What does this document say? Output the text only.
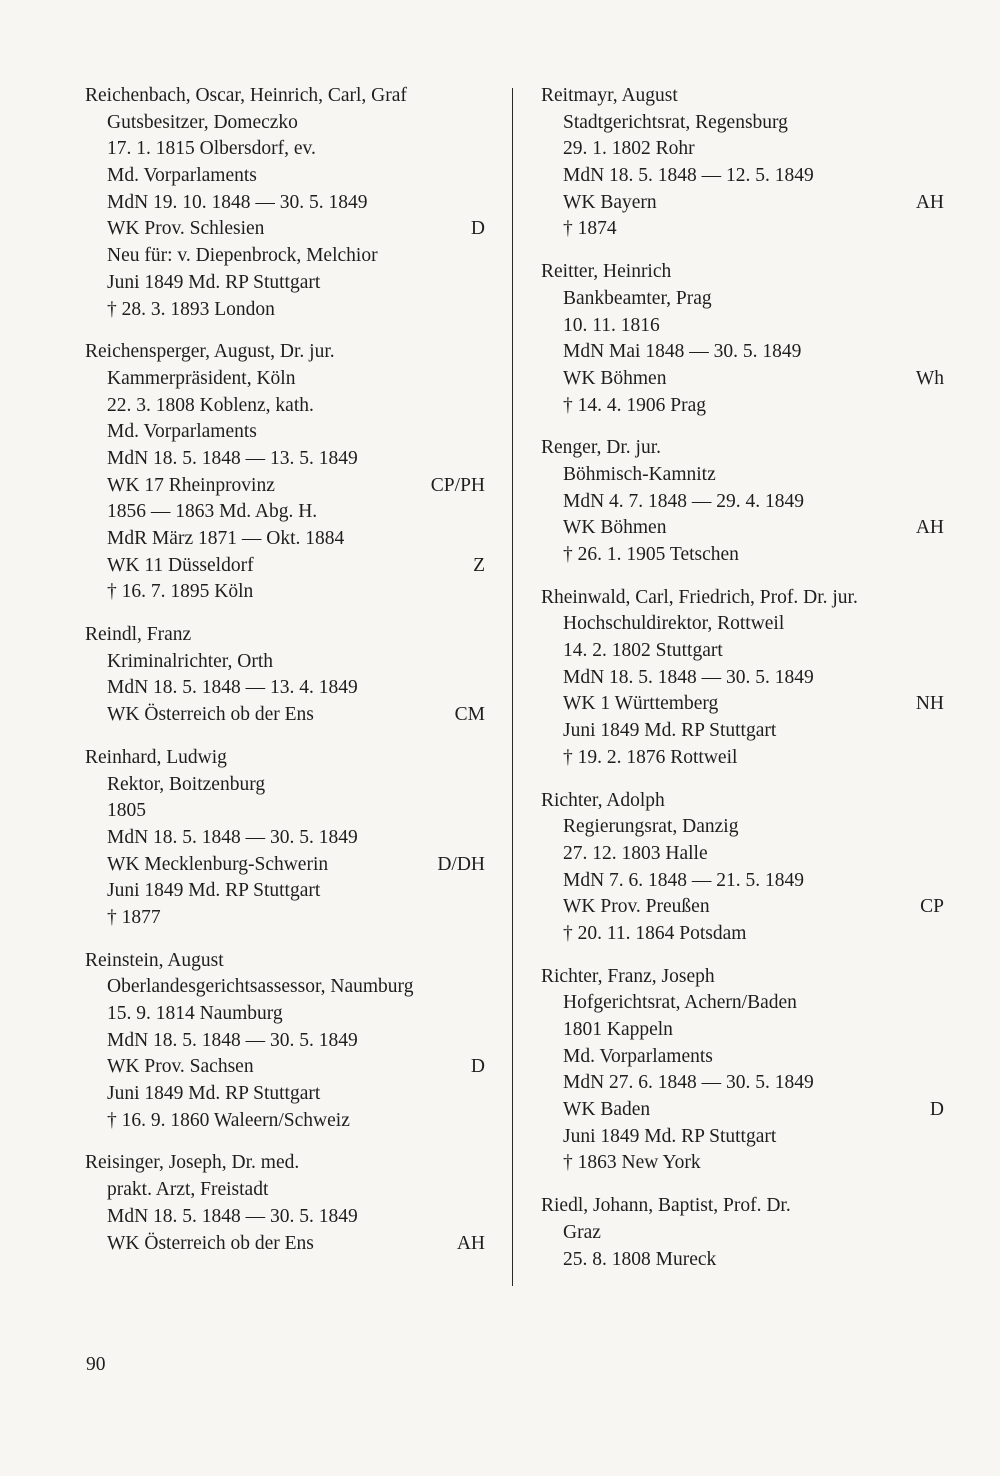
Reichenbach, Oscar, Heinrich, Carl, Graf
Gutsbesitzer, Domeczko
17. 1. 1815 Olbersdorf, ev.
Md. Vorparlaments
MdN 19. 10. 1848 — 30. 5. 1849
WK Prov. Schlesien	D
Neu für: v. Diepenbrock, Melchior
Juni 1849 Md. RP Stuttgart
† 28. 3. 1893 London
Reichensperger, August, Dr. jur.
Kammerpräsident, Köln
22. 3. 1808 Koblenz, kath.
Md. Vorparlaments
MdN 18. 5. 1848 — 13. 5. 1849
WK 17 Rheinprovinz	CP/PH
1856 — 1863 Md. Abg. H.
MdR März 1871 — Okt. 1884
WK 11 Düsseldorf	Z
† 16. 7. 1895 Köln
Reindl, Franz
Kriminalrichter, Orth
MdN 18. 5. 1848 — 13. 4. 1849
WK Österreich ob der Ens	CM
Reinhard, Ludwig
Rektor, Boitzenburg
1805
MdN 18. 5. 1848 — 30. 5. 1849
WK Mecklenburg-Schwerin	D/DH
Juni 1849 Md. RP Stuttgart
† 1877
Reinstein, August
Oberlandesgerichtsassessor, Naumburg
15. 9. 1814 Naumburg
MdN 18. 5. 1848 — 30. 5. 1849
WK Prov. Sachsen	D
Juni 1849 Md. RP Stuttgart
† 16. 9. 1860 Waleern/Schweiz
Reisinger, Joseph, Dr. med.
prakt. Arzt, Freistadt
MdN 18. 5. 1848 — 30. 5. 1849
WK Österreich ob der Ens	AH
Reitmayr, August
Stadtgerichtsrat, Regensburg
29. 1. 1802 Rohr
MdN 18. 5. 1848 — 12. 5. 1849
WK Bayern	AH
† 1874
Reitter, Heinrich
Bankbeamter, Prag
10. 11. 1816
MdN Mai 1848 — 30. 5. 1849
WK Böhmen	Wh
† 14. 4. 1906 Prag
Renger, Dr. jur.
Böhmisch-Kamnitz
MdN 4. 7. 1848 — 29. 4. 1849
WK Böhmen	AH
† 26. 1. 1905 Tetschen
Rheinwald, Carl, Friedrich, Prof. Dr. jur.
Hochschuldirektor, Rottweil
14. 2. 1802 Stuttgart
MdN 18. 5. 1848 — 30. 5. 1849
WK 1 Württemberg	NH
Juni 1849 Md. RP Stuttgart
† 19. 2. 1876 Rottweil
Richter, Adolph
Regierungsrat, Danzig
27. 12. 1803 Halle
MdN 7. 6. 1848 — 21. 5. 1849
WK Prov. Preußen	CP
† 20. 11. 1864 Potsdam
Richter, Franz, Joseph
Hofgerichtsrat, Achern/Baden
1801 Kappeln
Md. Vorparlaments
MdN 27. 6. 1848 — 30. 5. 1849
WK Baden	D
Juni 1849 Md. RP Stuttgart
† 1863 New York
Riedl, Johann, Baptist, Prof. Dr.
Graz
25. 8. 1808 Mureck
90
